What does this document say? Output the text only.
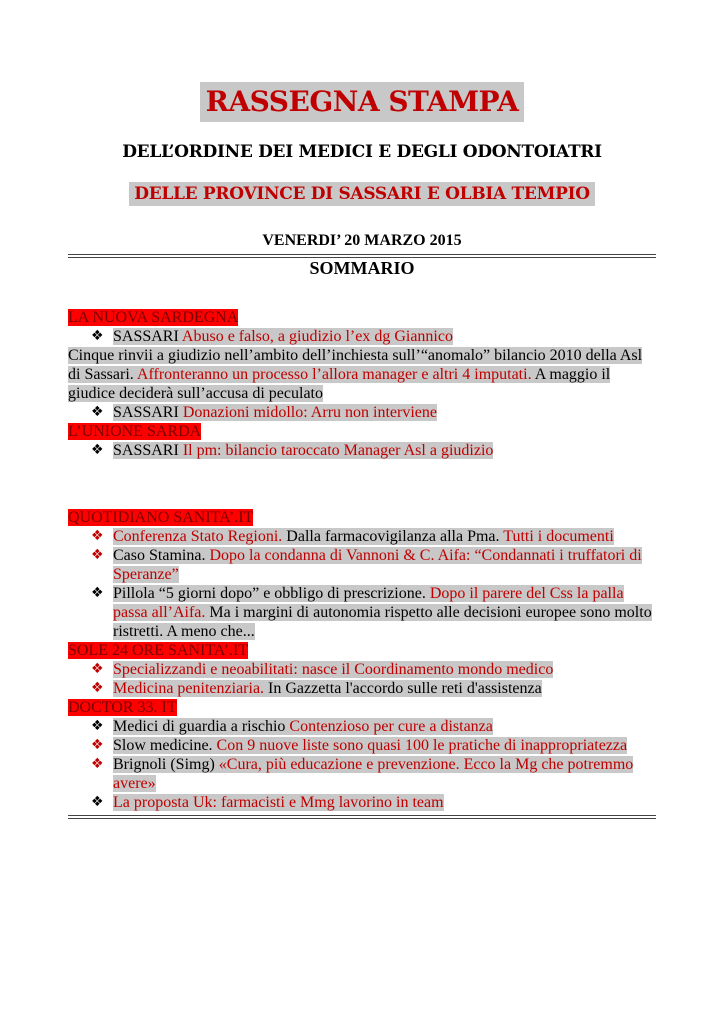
RASSEGNA STAMPA
DELL’ORDINE DEI MEDICI E DEGLI ODONTOIATRI
DELLE PROVINCE DI SASSARI E OLBIA TEMPIO
VENERDI’ 20 MARZO 2015
SOMMARIO

LA NUOVA SARDEGNA

❖ SASSARI Abuso e falso, a giudizio l’ex dg Giannico

Cinque rinvii a giudizio nell’ambito dell’inchiesta sull’“anomalo” bilancio 2010 della Asl di Sassari. Affronteranno un processo l’allora manager e altri 4 imputati. A maggio il giudice deciderà sull’accusa di peculato

❖ SASSARI Donazioni midollo: Arru non interviene

L’UNIONE SARDA

❖ SASSARI Il pm: bilancio taroccato Manager Asl a giudizio

QUOTIDIANO SANITA’.IT

❖ Conferenza Stato Regioni. Dalla farmacovigilanza alla Pma. Tutti i documenti

❖ Caso Stamina. Dopo la condanna di Vannoni & C. Aifa: “Condannati i truffatori di Speranze”

❖ Pillola “5 giorni dopo” e obbligo di prescrizione. Dopo il parere del Css la palla passa all’Aifa. Ma i margini di autonomia rispetto alle decisioni europee sono molto ristretti. A meno che...

SOLE 24 ORE SANITA’.IT

❖ Specializzandi e neoabilitati: nasce il Coordinamento mondo medico

❖ Medicina penitenziaria. In Gazzetta l'accordo sulle reti d'assistenza

DOCTOR 33. IT

❖ Medici di guardia a rischio Contenzioso per cure a distanza

❖ Slow medicine. Con 9 nuove liste sono quasi 100 le pratiche di inappropriatezza

❖ Brignoli (Simg) «Cura, più educazione e prevenzione. Ecco la Mg che potremmo avere»

❖ La proposta Uk: farmacisti e Mmg lavorino in team
